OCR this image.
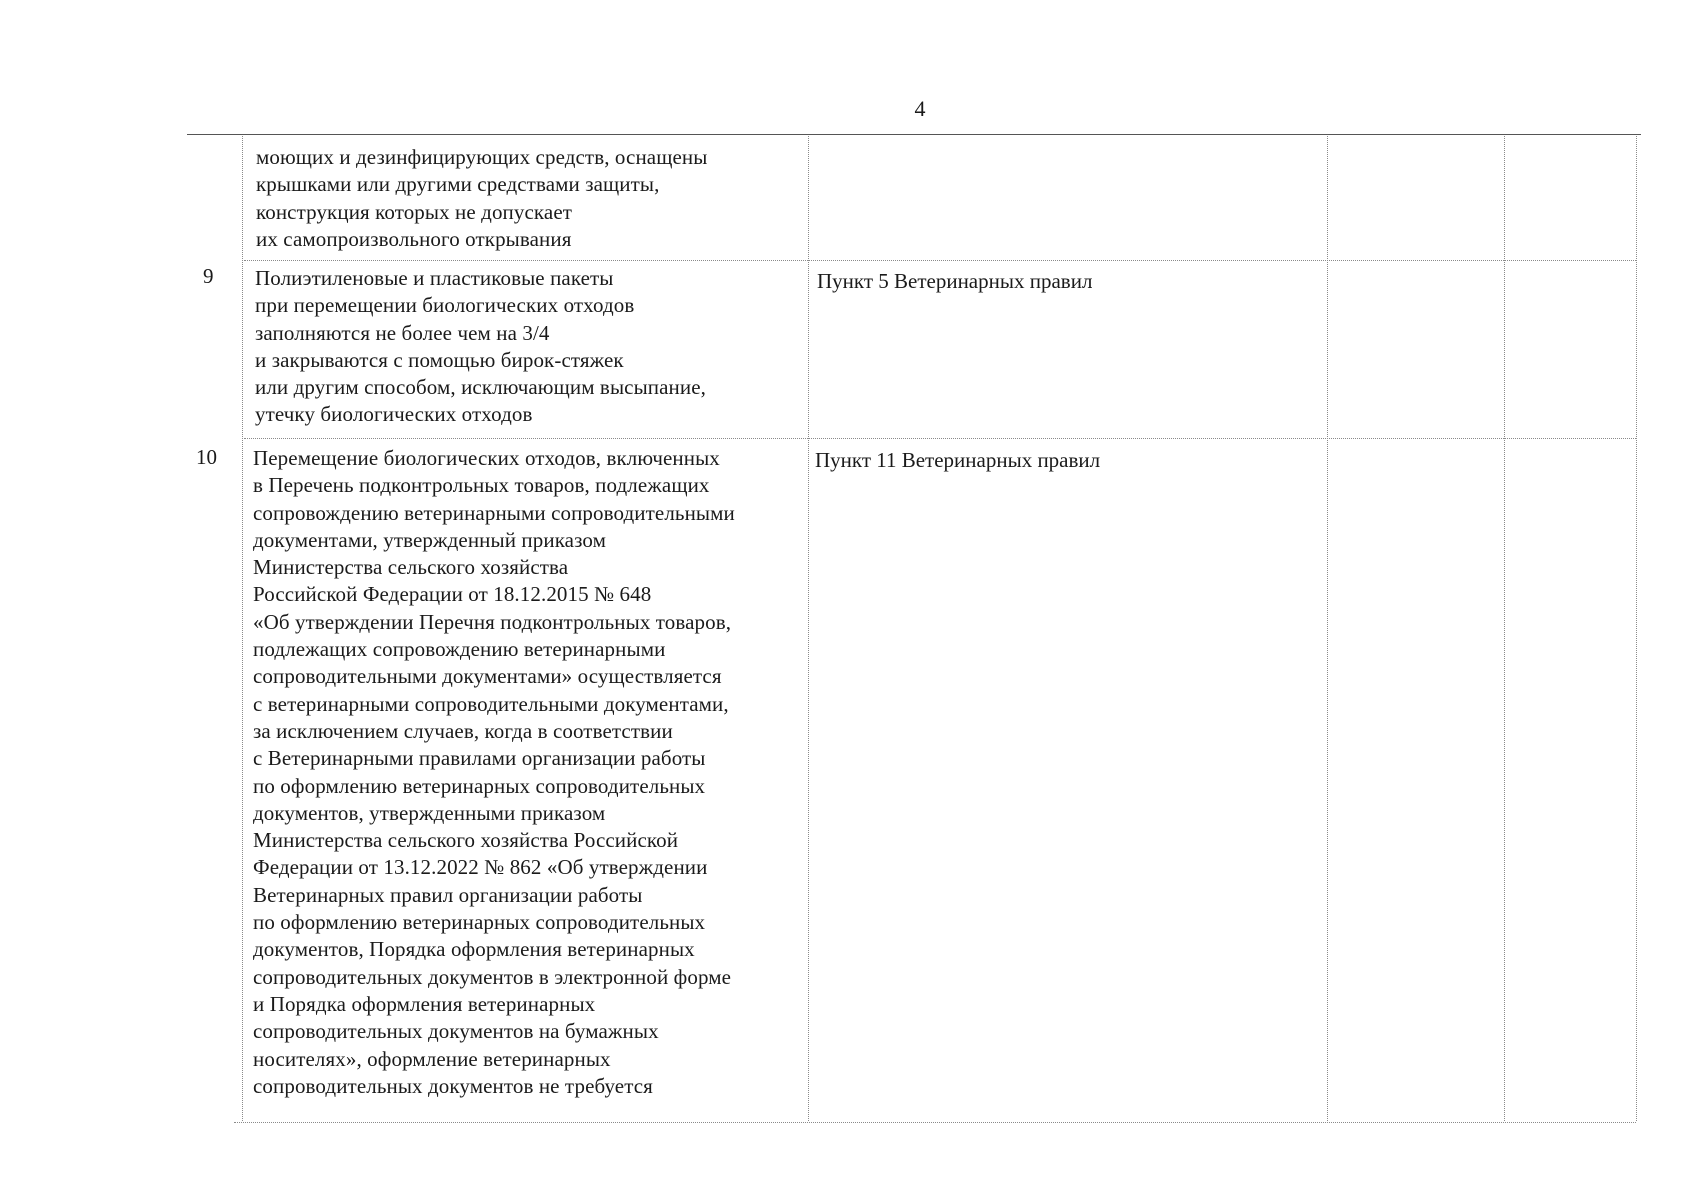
4
моющих и дезинфицирующих средств, оснащены
крышками или другими средствами защиты,
конструкция которых не допускает
их самопроизвольного открывания
9 Полиэтиленовые и пластиковые пакеты
при перемещении биологических отходов
заполняются не более чем на 3/4
и закрываются с помощью бирок-стяжек
или другим способом, исключающим высыпание,
утечку биологических отходов
Пункт 5 Ветеринарных правил
10 Перемещение биологических отходов, включенных
в Перечень подконтрольных товаров, подлежащих
сопровождению ветеринарными сопроводительными
документами, утвержденный приказом
Министерства сельского хозяйства
Российской Федерации от 18.12.2015 № 648
«Об утверждении Перечня подконтрольных товаров,
подлежащих сопровождению ветеринарными
сопроводительными документами» осуществляется
с ветеринарными сопроводительными документами,
за исключением случаев, когда в соответствии
с Ветеринарными правилами организации работы
по оформлению ветеринарных сопроводительных
документов, утвержденными приказом
Министерства сельского хозяйства Российской
Федерации от 13.12.2022 № 862 «Об утверждении
Ветеринарных правил организации работы
по оформлению ветеринарных сопроводительных
документов, Порядка оформления ветеринарных
сопроводительных документов в электронной форме
и Порядка оформления ветеринарных
сопроводительных документов на бумажных
носителях», оформление ветеринарных
сопроводительных документов не требуется
Пункт 11 Ветеринарных правил
